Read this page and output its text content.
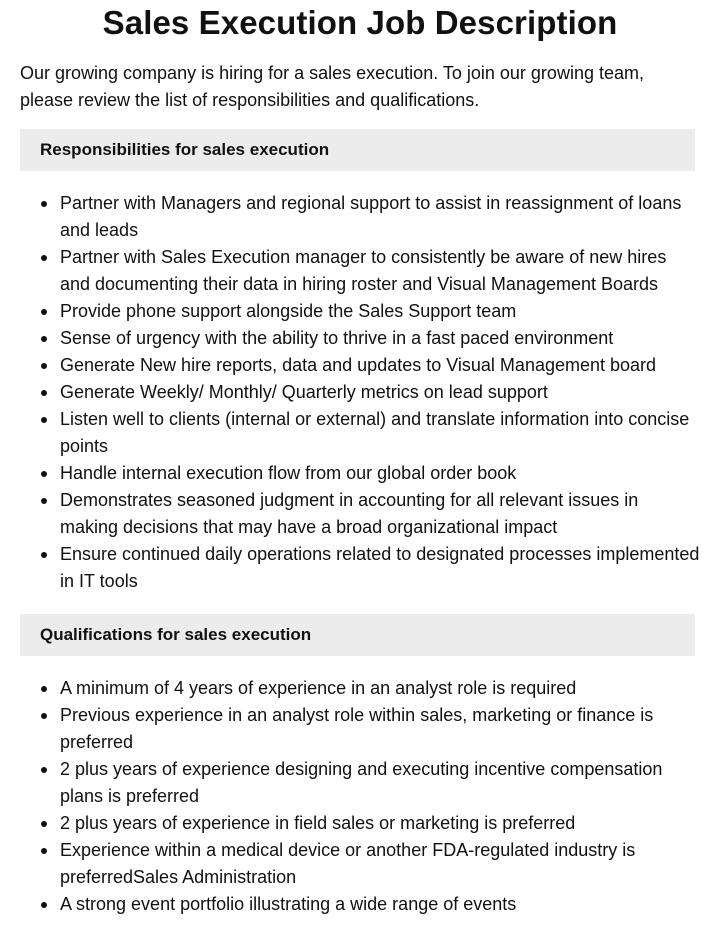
Sales Execution Job Description

Our growing company is hiring for a sales execution. To join our growing team, please review the list of responsibilities and qualifications.

Responsibilities for sales execution
Partner with Managers and regional support to assist in reassignment of loans and leads
Partner with Sales Execution manager to consistently be aware of new hires and documenting their data in hiring roster and Visual Management Boards
Provide phone support alongside the Sales Support team
Sense of urgency with the ability to thrive in a fast paced environment
Generate New hire reports, data and updates to Visual Management board
Generate Weekly/ Monthly/ Quarterly metrics on lead support
Listen well to clients (internal or external) and translate information into concise points
Handle internal execution flow from our global order book
Demonstrates seasoned judgment in accounting for all relevant issues in making decisions that may have a broad organizational impact
Ensure continued daily operations related to designated processes implemented in IT tools
Qualifications for sales execution
A minimum of 4 years of experience in an analyst role is required
Previous experience in an analyst role within sales, marketing or finance is preferred
2 plus years of experience designing and executing incentive compensation plans is preferred
2 plus years of experience in field sales or marketing is preferred
Experience within a medical device or another FDA-regulated industry is preferredSales Administration
A strong event portfolio illustrating a wide range of events
